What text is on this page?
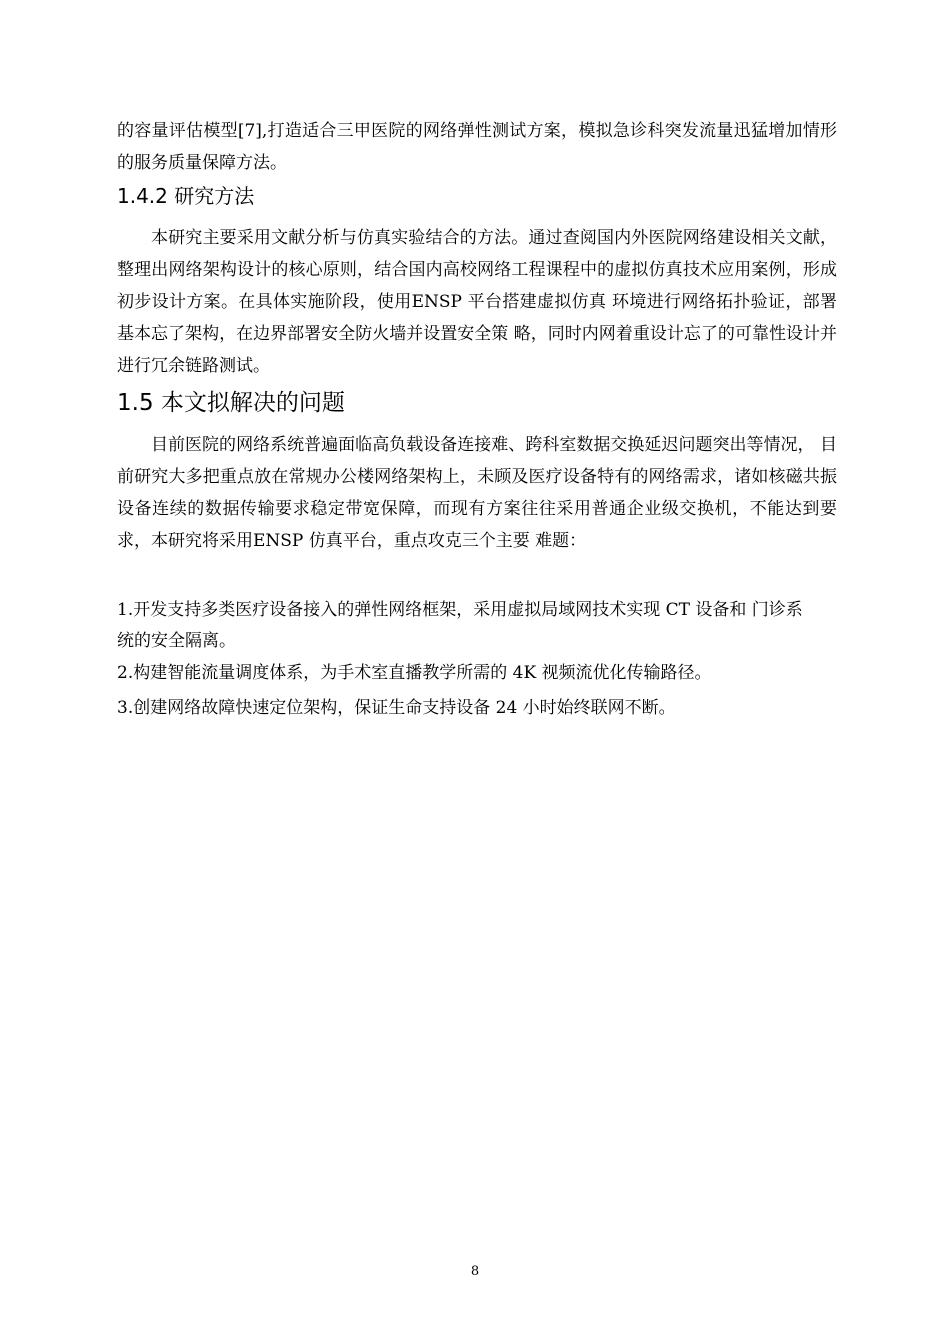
的容量评估模型[7],打造适合三甲医院的网络弹性测试方案，模拟急诊科突发流量迅猛增加情形的服务质量保障方法。

1.4.2 研究方法

本研究主要采用文献分析与仿真实验结合的方法。通过查阅国内外医院网络建设相关文献，整理出网络架构设计的核心原则，结合国内高校网络工程课程中的虚拟仿真技术应用案例，形成初步设计方案。在具体实施阶段，使用ENSP 平台搭建虚拟仿真 环境进行网络拓扑验证，部署基本忘了架构，在边界部署安全防火墙并设置安全策 略，同时内网着重设计忘了的可靠性设计并进行冗余链路测试。

1.5 本文拟解决的问题

目前医院的网络系统普遍面临高负载设备连接难、跨科室数据交换延迟问题突出等情况， 目前研究大多把重点放在常规办公楼网络架构上，未顾及医疗设备特有的网络需求，诸如核磁共振设备连续的数据传输要求稳定带宽保障，而现有方案往往采用普通企业级交换机，不能达到要求，本研究将采用ENSP 仿真平台，重点攻克三个主要 难题：

1.开发支持多类医疗设备接入的弹性网络框架，采用虚拟局域网技术实现 CT 设备和 门诊系统的安全隔离。

2.构建智能流量调度体系，为手术室直播教学所需的 4K 视频流优化传输路径。

3.创建网络故障快速定位架构，保证生命支持设备 24 小时始终联网不断。

8
